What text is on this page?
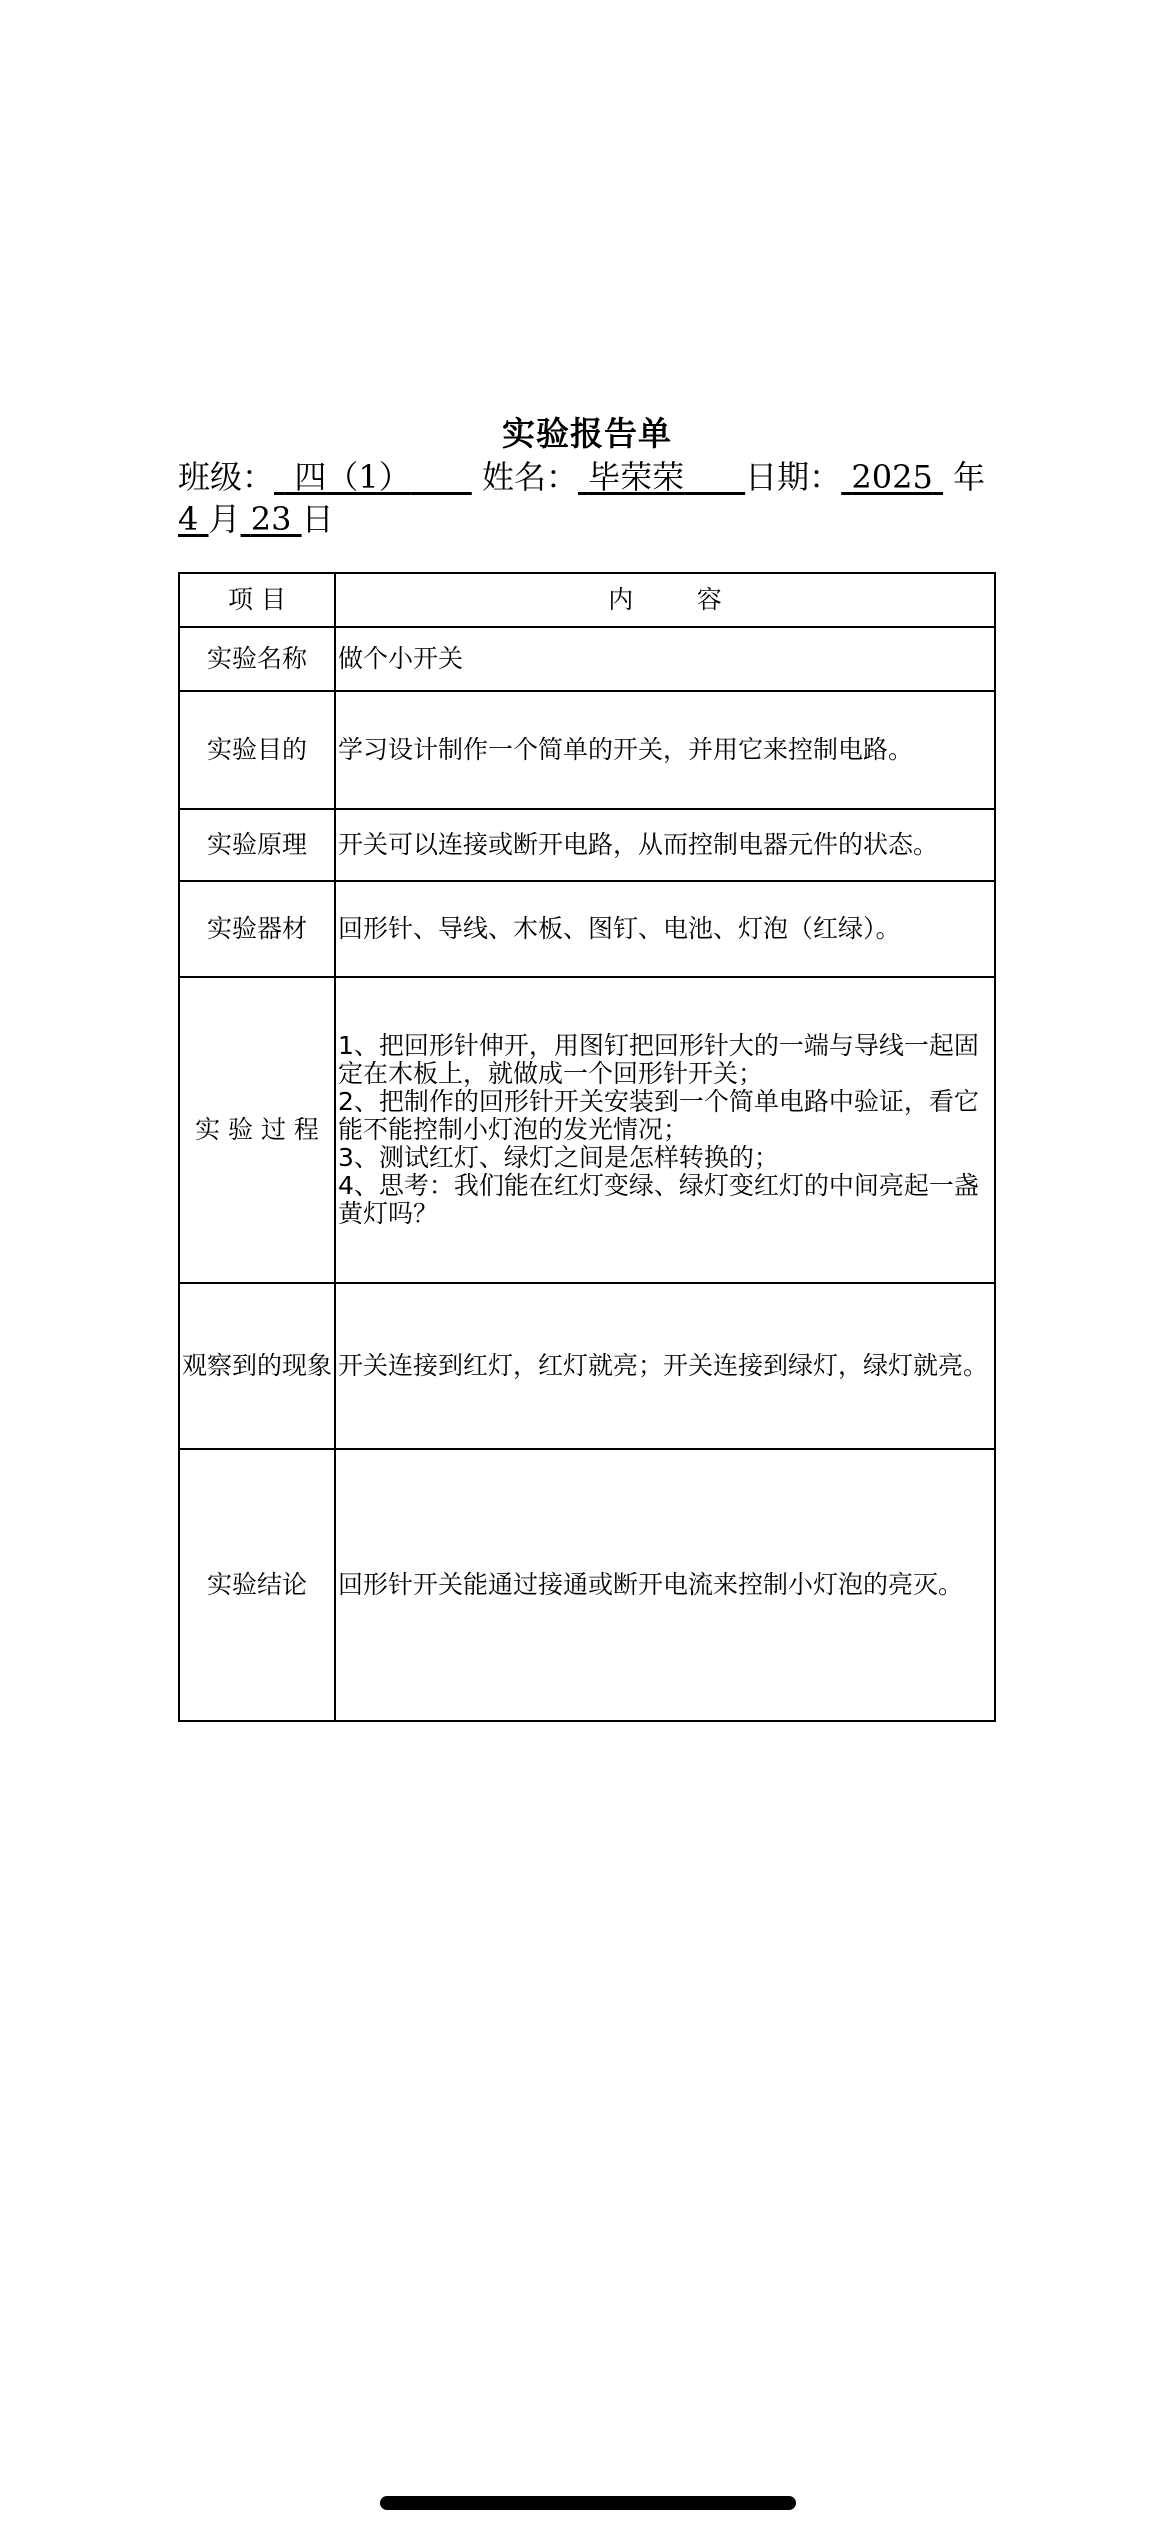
实验报告单
班级：  四（1） 姓名： 毕荣荣 日期： 2025 年
4 月 23 日
项 目	内        容
实验名称	做个小开关
实验目的	学习设计制作一个简单的开关，并用它来控制电路。
实验原理	开关可以连接或断开电路，从而控制电器元件的状态。
实验器材	回形针、导线、木板、图钉、电池、灯泡（红绿）。
实 验 过 程	1、把回形针伸开，用图钉把回形针大的一端与导线一起固定在木板上，就做成一个回形针开关；
2、把制作的回形针开关安装到一个简单电路中验证，看它能不能控制小灯泡的发光情况；
3、测试红灯、绿灯之间是怎样转换的；
4、思考：我们能在红灯变绿、绿灯变红灯的中间亮起一盏黄灯吗？

观察到的现象	开关连接到红灯，红灯就亮；开关连接到绿灯，绿灯就亮。
实验结论	回形针开关能通过接通或断开电流来控制小灯泡的亮灭。
